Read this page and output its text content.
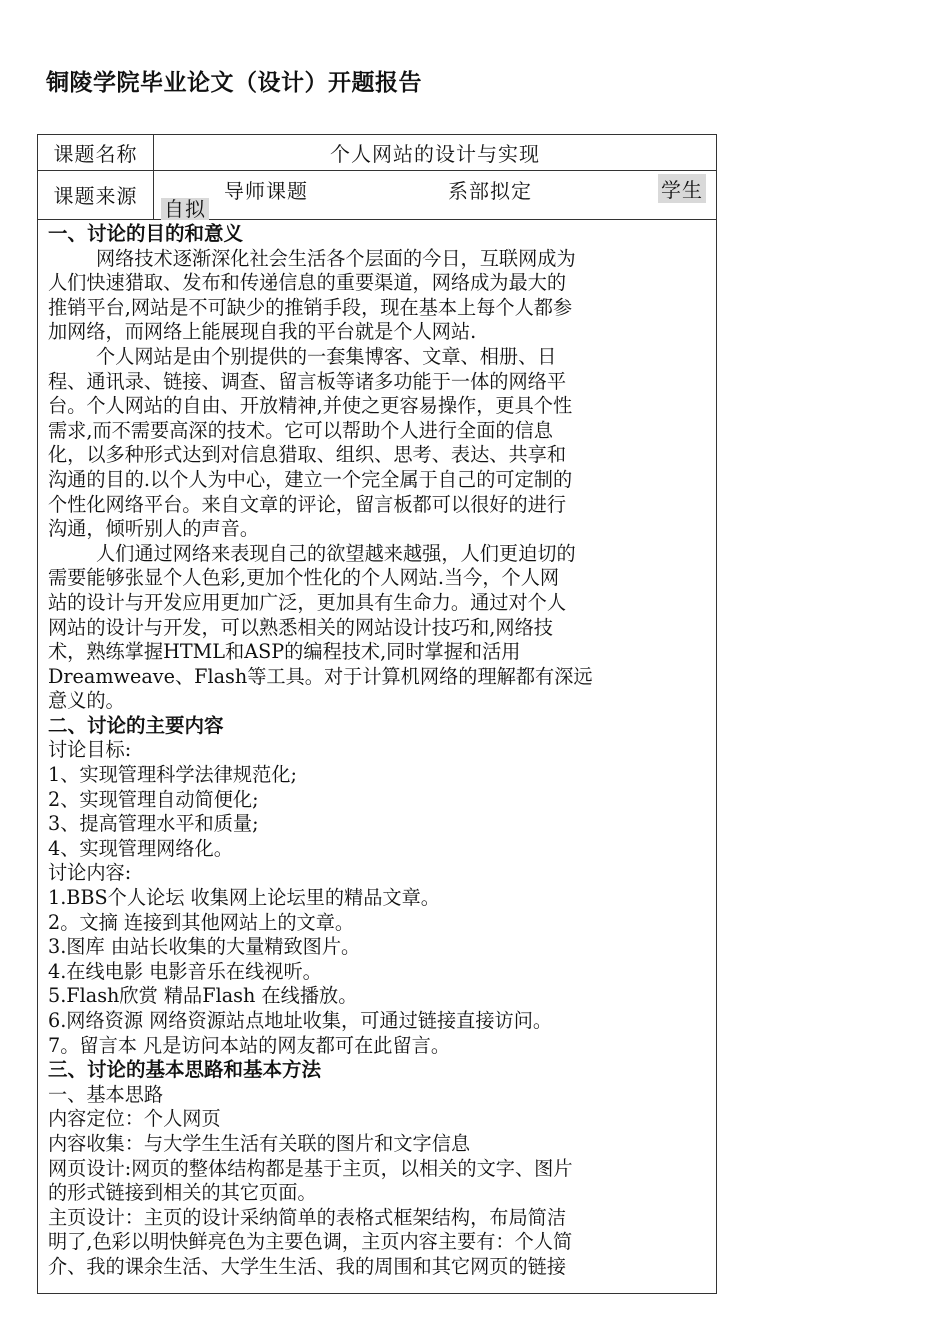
铜陵学院毕业论文（设计）开题报告
课题名称	个人网站的设计与实现
课题来源	导师课题	系部拟定	学生
自拟
一、讨论的目的和意义
网络技术逐渐深化社会生活各个层面的今日，互联网成为
人们快速猎取、发布和传递信息的重要渠道，网络成为最大的
推销平台,网站是不可缺少的推销手段，现在基本上每个人都参
加网络，而网络上能展现自我的平台就是个人网站.
个人网站是由个别提供的一套集博客、文章、相册、日
程、通讯录、链接、调查、留言板等诸多功能于一体的网络平
台。个人网站的自由、开放精神,并使之更容易操作，更具个性
需求,而不需要高深的技术。它可以帮助个人进行全面的信息
化，以多种形式达到对信息猎取、组织、思考、表达、共享和
沟通的目的.以个人为中心，建立一个完全属于自己的可定制的
个性化网络平台。来自文章的评论，留言板都可以很好的进行
沟通，倾听别人的声音。
人们通过网络来表现自己的欲望越来越强，人们更迫切的
需要能够张显个人色彩,更加个性化的个人网站.当今，个人网
站的设计与开发应用更加广泛，更加具有生命力。通过对个人
网站的设计与开发，可以熟悉相关的网站设计技巧和,网络技
术，熟练掌握HTML和ASP的编程技术,同时掌握和活用
Dreamweave、Flash等工具。对于计算机网络的理解都有深远
意义的。
二、讨论的主要内容
讨论目标:
1、实现管理科学法律规范化;
2、实现管理自动简便化;
3、提高管理水平和质量;
4、实现管理网络化。
讨论内容:
1.BBS个人论坛 收集网上论坛里的精品文章。
2。文摘 连接到其他网站上的文章。
3.图库 由站长收集的大量精致图片。
4.在线电影 电影音乐在线视听。
5.Flash欣赏 精品Flash 在线播放。
6.网络资源 网络资源站点地址收集，可通过链接直接访问。
7。留言本 凡是访问本站的网友都可在此留言。
三、讨论的基本思路和基本方法
一、基本思路
内容定位：个人网页
内容收集：与大学生生活有关联的图片和文字信息
网页设计:网页的整体结构都是基于主页，以相关的文字、图片
的形式链接到相关的其它页面。
主页设计：主页的设计采纳简单的表格式框架结构，布局简洁
明了,色彩以明快鲜亮色为主要色调，主页内容主要有：个人简
介、我的课余生活、大学生生活、我的周围和其它网页的链接
